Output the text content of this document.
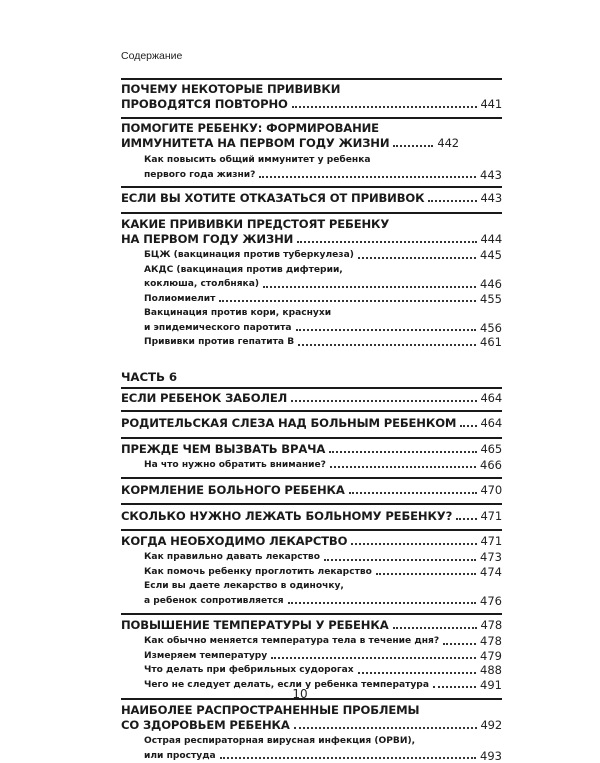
Содержание
ПОЧЕМУ НЕКОТОРЫЕ ПРИВИВКИ
ПРОВОДЯТСЯ ПОВТОРНО	441
ПОМОГИТЕ РЕБЕНКУ: ФОРМИРОВАНИЕ
ИММУНИТЕТА НА ПЕРВОМ ГОДУ ЖИЗНИ	442
Как повысить общий иммунитет у ребенка
первого года жизни?	443
ЕСЛИ ВЫ ХОТИТЕ ОТКАЗАТЬСЯ ОТ ПРИВИВОК	443
КАКИЕ ПРИВИВКИ ПРЕДСТОЯТ РЕБЕНКУ
НА ПЕРВОМ ГОДУ ЖИЗНИ	444
БЦЖ (вакцинация против туберкулеза)	445
АКДС (вакцинация против дифтерии,
коклюша, столбняка)	446
Полиомиелит	455
Вакцинация против кори, краснухи
и эпидемического паротита	456
Прививки против гепатита В	461
ЧАСТЬ 6
ЕСЛИ РЕБЕНОК ЗАБОЛЕЛ	464
РОДИТЕЛЬСКАЯ СЛЕЗА НАД БОЛЬНЫМ РЕБЕНКОМ 464
ПРЕЖДЕ ЧЕМ ВЫЗВАТЬ ВРАЧА	465
На что нужно обратить внимание?	466
КОРМЛЕНИЕ БОЛЬНОГО РЕБЕНКА	470
СКОЛЬКО НУЖНО ЛЕЖАТЬ БОЛЬНОМУ РЕБЕНКУ? 471
КОГДА НЕОБХОДИМО ЛЕКАРСТВО	471
Как правильно давать лекарство	473
Как помочь ребенку проглотить лекарство	474
Если вы даете лекарство в одиночку,
а ребенок сопротивляется	476
ПОВЫШЕНИЕ ТЕМПЕРАТУРЫ У РЕБЕНКА	478
Как обычно меняется температура тела в течение дня?	478
Измеряем температуру	479
Что делать при фебрильных судорогах	488
Чего не следует делать, если у ребенка температура	491
НАИБОЛЕЕ РАСПРОСТРАНЕННЫЕ ПРОБЛЕМЫ
СО ЗДОРОВЬЕМ РЕБЕНКА	492
Острая респираторная вирусная инфекция (ОРВИ),
или простуда	493
10
